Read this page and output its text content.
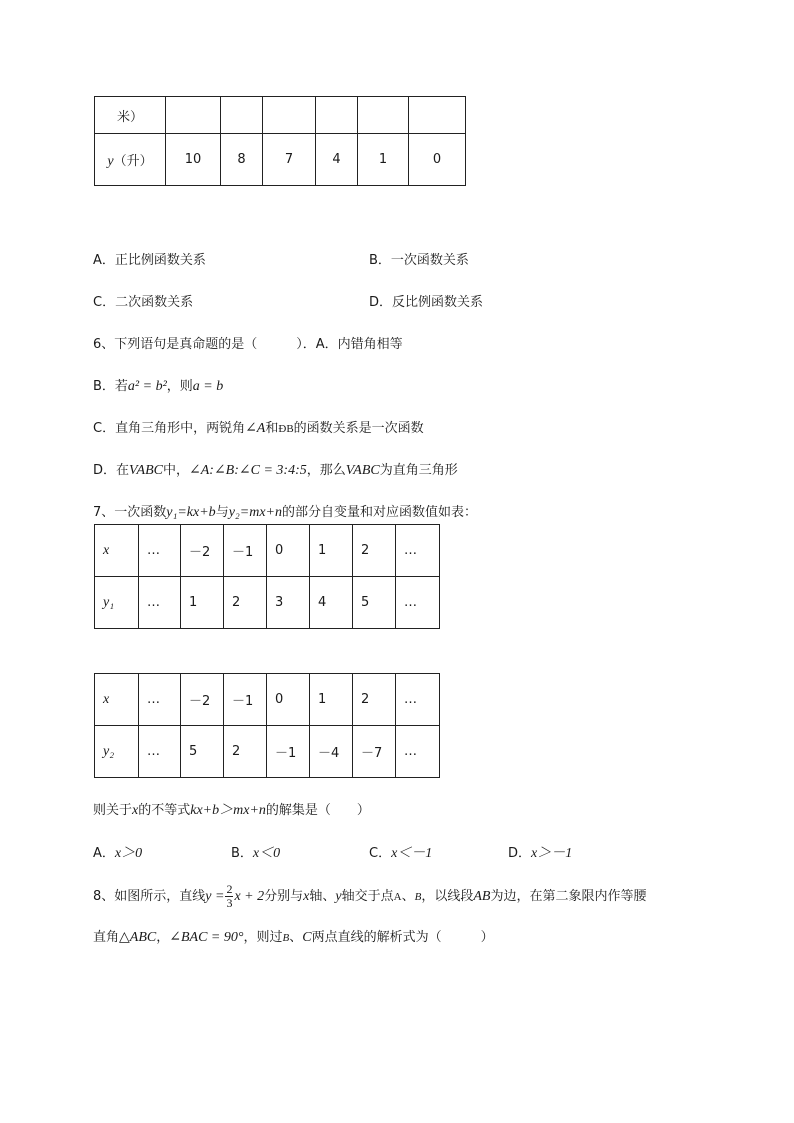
米）						
y（升）	10	8	7	4	1	0
A．正比例函数关系	B．一次函数关系
C．二次函数关系	D．反比例函数关系
6、下列语句是真命题的是（　　　）．A．内错角相等
B．若a² = b²，则a = b
C．直角三角形中，两锐角∠A和ÐB的函数关系是一次函数
D．在VABC中，∠A:∠B:∠C = 3:4:5，那么VABC为直角三角形
7、一次函数y₁=kx+b与y₂=mx+n的部分自变量和对应函数值如表：
x	…	－2	－1	0	1	2	…
y₁	…	1	2	3	4	5	…
x	…	－2	－1	0	1	2	…
y₂	…	5	2	－1	－4	－7	…
则关于x的不等式kx+b＞mx+n的解集是（　　）
A．x＞0	B．x＜0	C．x＜－1	D．x＞－1
8、如图所示，直线$y = \frac{2}{3}$ x + 2分别与x轴、y轴交于点A、B，以线段AB为边，在第二象限内作等腰
直角△ABC，∠BAC = 90°，则过B、C两点直线的解析式为（　　　）
